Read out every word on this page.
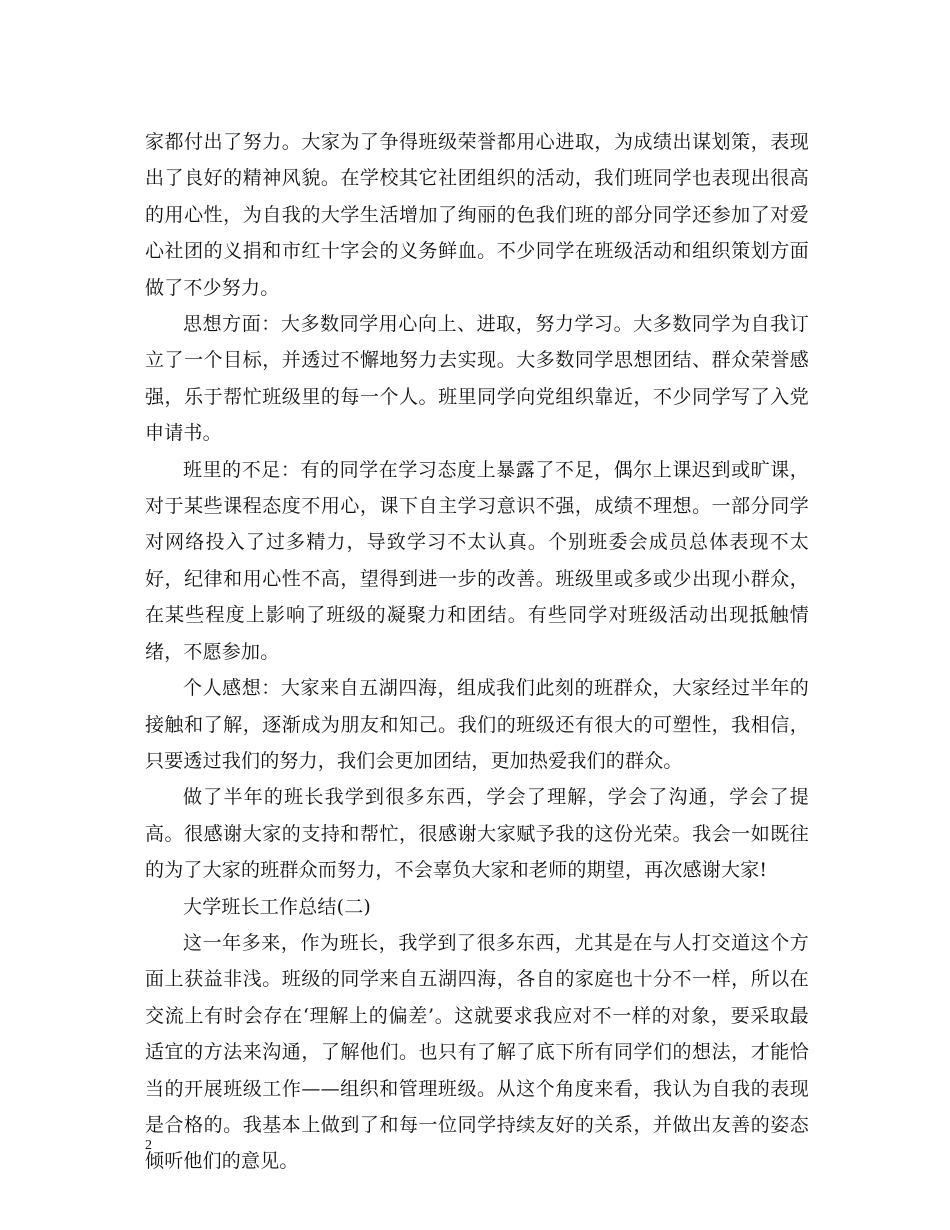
家都付出了努力。大家为了争得班级荣誉都用心进取，为成绩出谋划策，表现出了良好的精神风貌。在学校其它社团组织的活动，我们班同学也表现出很高的用心性，为自我的大学生活增加了绚丽的色我们班的部分同学还参加了对爱心社团的义捐和市红十字会的义务鲜血。不少同学在班级活动和组织策划方面做了不少努力。

思想方面：大多数同学用心向上、进取，努力学习。大多数同学为自我订立了一个目标，并透过不懈地努力去实现。大多数同学思想团结、群众荣誉感强，乐于帮忙班级里的每一个人。班里同学向党组织靠近，不少同学写了入党申请书。

班里的不足：有的同学在学习态度上暴露了不足，偶尔上课迟到或旷课，对于某些课程态度不用心，课下自主学习意识不强，成绩不理想。一部分同学对网络投入了过多精力，导致学习不太认真。个别班委会成员总体表现不太好，纪律和用心性不高，望得到进一步的改善。班级里或多或少出现小群众，在某些程度上影响了班级的凝聚力和团结。有些同学对班级活动出现抵触情绪，不愿参加。

个人感想：大家来自五湖四海，组成我们此刻的班群众，大家经过半年的接触和了解，逐渐成为朋友和知己。我们的班级还有很大的可塑性，我相信，只要透过我们的努力，我们会更加团结，更加热爱我们的群众。

做了半年的班长我学到很多东西，学会了理解，学会了沟通，学会了提高。很感谢大家的支持和帮忙，很感谢大家赋予我的这份光荣。我会一如既往的为了大家的班群众而努力，不会辜负大家和老师的期望，再次感谢大家!

大学班长工作总结(二)

这一年多来，作为班长，我学到了很多东西，尤其是在与人打交道这个方面上获益非浅。班级的同学来自五湖四海，各自的家庭也十分不一样，所以在交流上有时会存在‘理解上的偏差’。这就要求我应对不一样的对象，要采取最适宜的方法来沟通，了解他们。也只有了解了底下所有同学们的想法，才能恰当的开展班级工作——组织和管理班级。从这个角度来看，我认为自我的表现是合格的。我基本上做到了和每一位同学持续友好的关系，并做出友善的姿态倾听他们的意见。

2
